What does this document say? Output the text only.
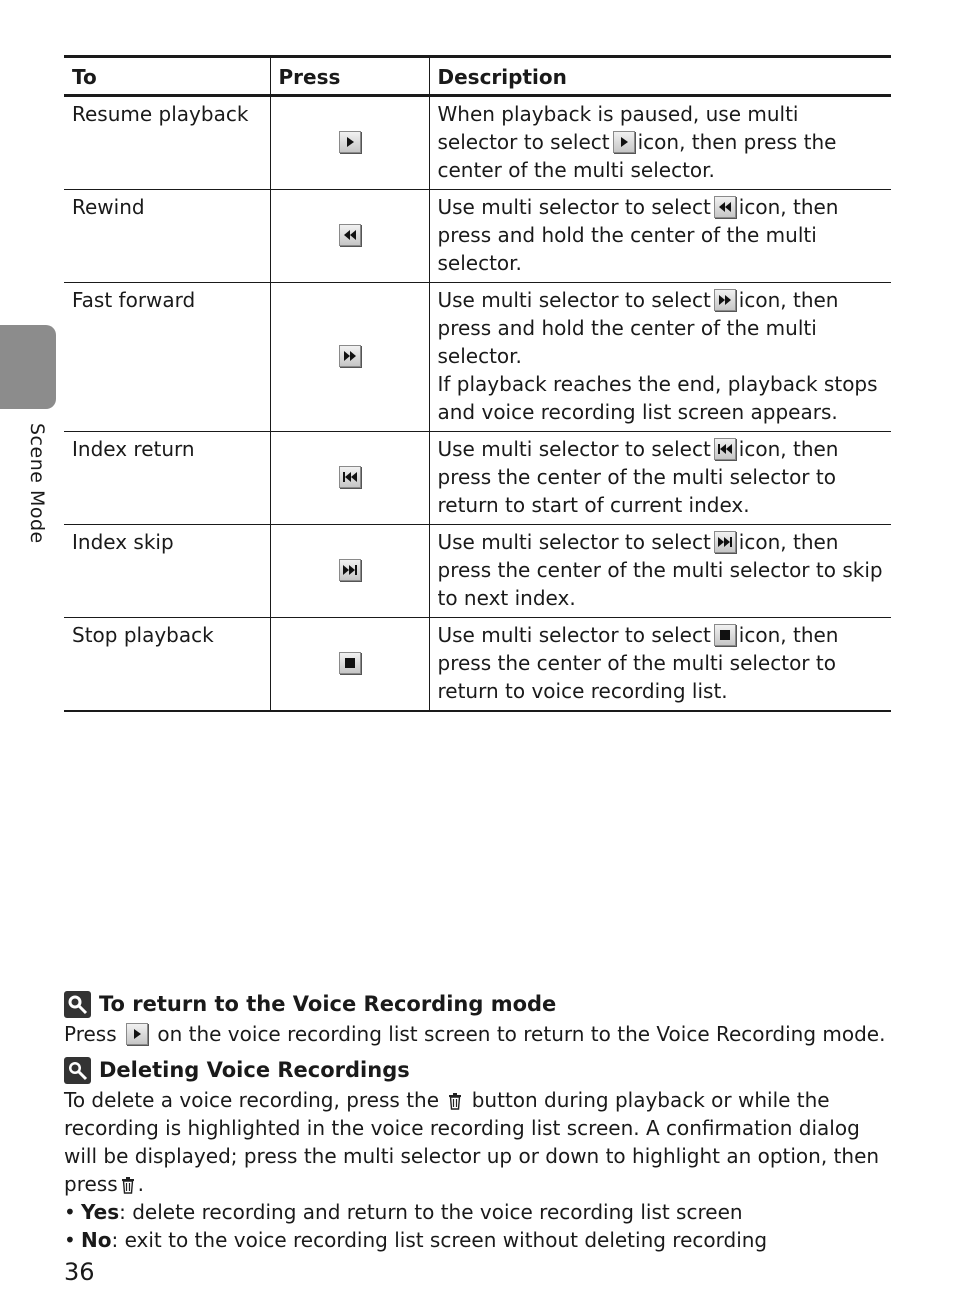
Scene Mode
To	Press	Description
Resume playback		When playback is paused, use multi selector to select icon, then press the center of the multi selector.
Rewind		Use multi selector to select icon, then press and hold the center of the multi selector.
Fast forward		Use multi selector to select icon, then press and hold the center of the multi selector.
If playback reaches the end, playback stops and voice recording list screen appears.
Index return		Use multi selector to select icon, then press the center of the multi selector to return to start of current index.
Index skip		Use multi selector to select icon, then press the center of the multi selector to skip to next index.
Stop playback		Use multi selector to select icon, then press the center of the multi selector to return to voice recording list.
To return to the Voice Recording mode

Press on the voice recording list screen to return to the Voice Recording mode.

Deleting Voice Recordings

To delete a voice recording, press the button during playback or while the recording is highlighted in the voice recording list screen. A confirmation dialog will be displayed; press the multi selector up or down to highlight an option, then press .

• Yes: delete recording and return to the voice recording list screen
• No: exit to the voice recording list screen without deleting recording
36
